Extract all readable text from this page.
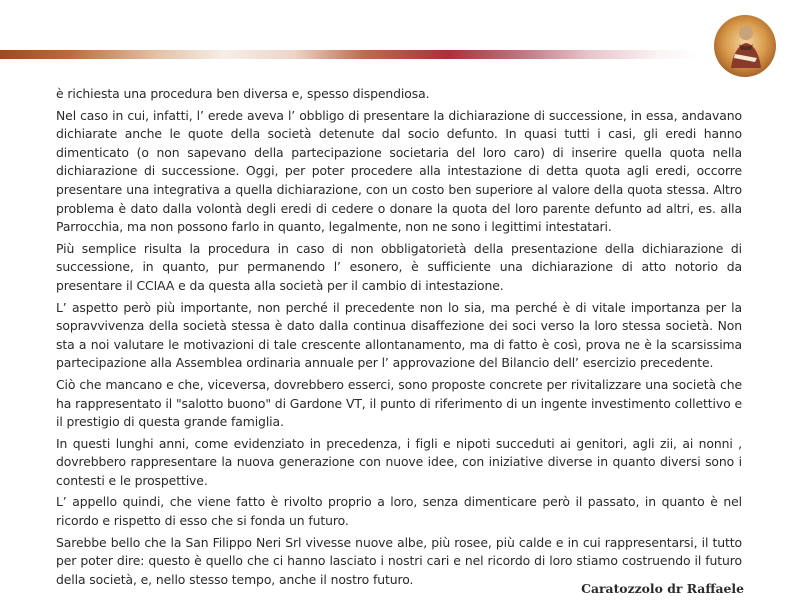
è richiesta una procedura ben diversa e, spesso dispendiosa.

Nel caso in cui, infatti, l’ erede aveva l’ obbligo di presentare la dichiarazione di successione, in essa, andavano dichiarate anche le quote della società detenute dal socio defunto. In quasi tutti i casi, gli eredi hanno dimenticato (o non sapevano della partecipazione societaria del loro caro) di inserire quella quota nella dichiarazione di successione. Oggi, per poter procedere alla intestazione di detta quota agli eredi, occorre presentare una integrativa a quella dichiarazione, con un costo ben superiore al valore della quota stessa. Altro problema è dato dalla volontà degli eredi di cedere o donare la quota del loro parente defunto ad altri, es. alla Parrocchia, ma non possono farlo in quanto, legalmente, non ne sono i legittimi intestatari.

Più semplice risulta la procedura in caso di non obbligatorietà della presentazione della dichiarazione di successione, in quanto, pur permanendo l’ esonero, è sufficiente una dichiarazione di atto notorio da presentare il CCIAA e da questa alla società per il cambio di intestazione.

L’ aspetto però più importante, non perché il precedente non lo sia, ma perché è di vitale importanza per la sopravvivenza della società stessa è dato dalla continua disaffezione dei soci verso la loro stessa società. Non sta a noi valutare le motivazioni di tale crescente allontanamento, ma di fatto è così, prova ne è la scarsissima partecipazione alla Assemblea ordinaria annuale per l’ approvazione del Bilancio dell’ esercizio precedente.

Ciò che mancano e che, viceversa, dovrebbero esserci, sono proposte concrete per rivitalizzare una società che ha rappresentato il "salotto buono" di Gardone VT, il punto di riferimento di un ingente investimento collettivo e il prestigio di questa grande famiglia.

In questi lunghi anni, come evidenziato in precedenza, i figli e nipoti succeduti ai genitori, agli zii, ai nonni , dovrebbero rappresentare la nuova generazione con nuove idee, con iniziative diverse in quanto diversi sono i contesti e le prospettive.

L’ appello quindi, che viene fatto è rivolto proprio a loro, senza dimenticare però il passato, in quanto è nel ricordo e rispetto di esso che si fonda un futuro.

Sarebbe bello che la San Filippo Neri Srl vivesse nuove albe, più rosee, più calde e in cui rappresentarsi, il tutto per poter dire: questo è quello che ci hanno lasciato i nostri cari e nel ricordo di loro stiamo costruendo il futuro della società, e, nello stesso tempo, anche il nostro futuro.

Caratozzolo dr Raffaele
